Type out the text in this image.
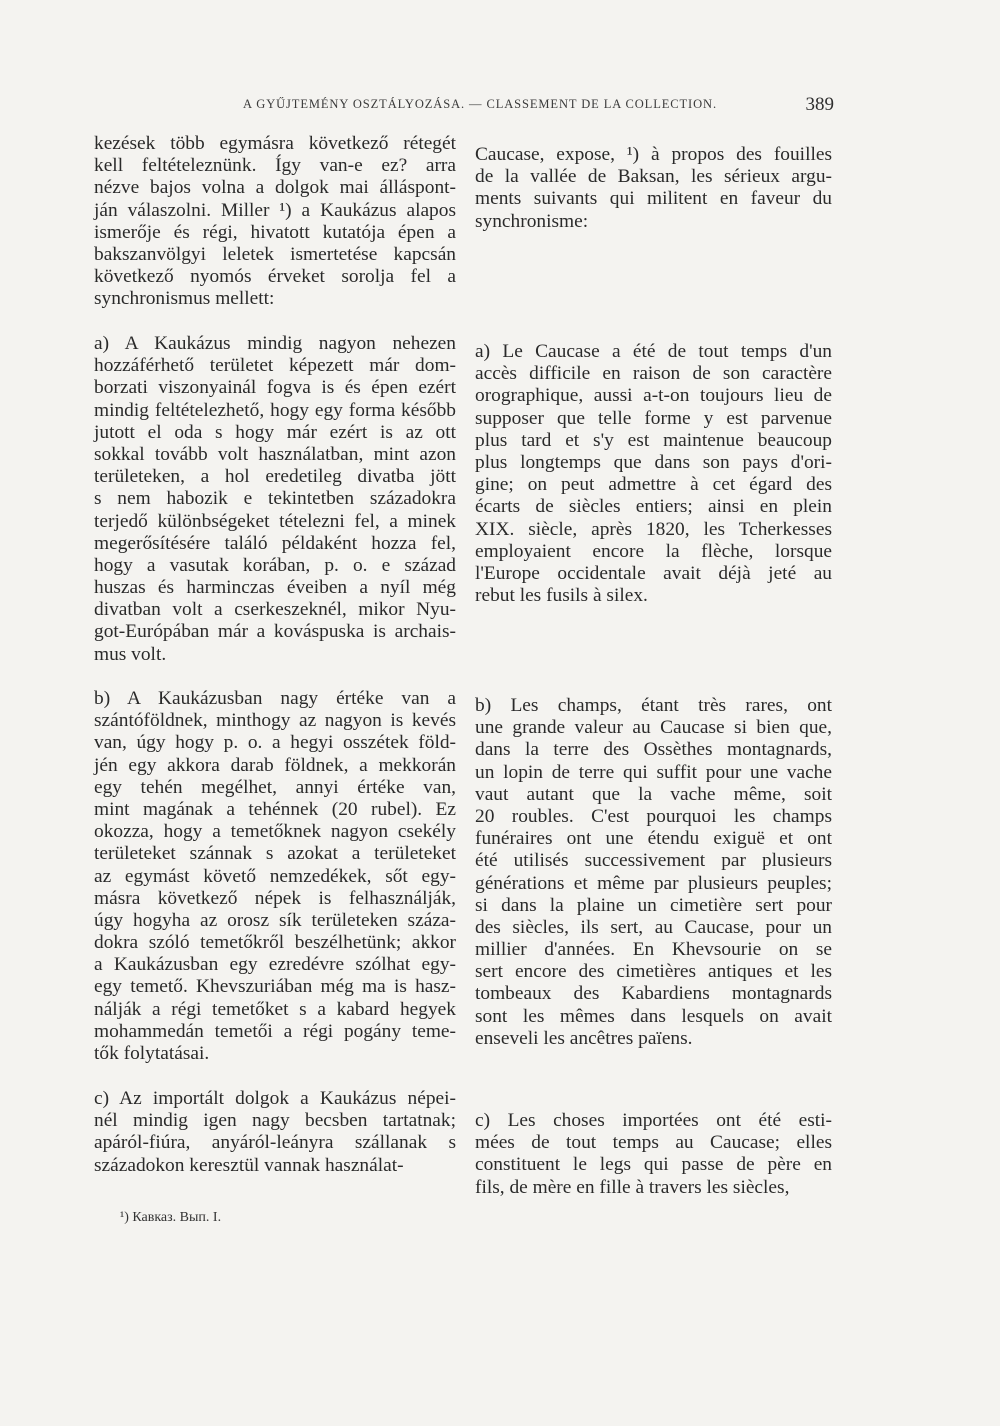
A GYŰJTEMÉNY OSZTÁLYOZÁSA. — CLASSEMENT DE LA COLLECTION.	389
kezések több egymásra következő rétegét
kell feltételeznünk. Így van-e ez? arra
nézve bajos volna a dolgok mai álláspont-
ján válaszolni. Miller ¹) a Kaukázus alapos
ismerője és régi, hivatott kutatója épen a
bakszanvölgyi leletek ismertetése kapcsán
következő nyomós érveket sorolja fel a
synchronismus mellett:
a) A Kaukázus mindig nagyon nehezen
hozzáférhető területet képezett már dom-
borzati viszonyainál fogva is és épen ezért
mindig feltételezhető, hogy egy forma később
jutott el oda s hogy már ezért is az ott
sokkal tovább volt használatban, mint azon
területeken, a hol eredetileg divatba jött
s nem habozik e tekintetben századokra
terjedő különbségeket tételezni fel, a minek
megerősítésére találó példaként hozza fel,
hogy a vasutak korában, p. o. e század
huszas és harminczas éveiben a nyíl még
divatban volt a cserkeszeknél, mikor Nyu-
got-Európában már a kováspuska is archais-
mus volt.
b) A Kaukázusban nagy értéke van a
szántóföldnek, minthogy az nagyon is kevés
van, úgy hogy p. o. a hegyi osszétek föld-
jén egy akkora darab földnek, a mekkorán
egy tehén megélhet, annyi értéke van,
mint magának a tehénnek (20 rubel). Ez
okozza, hogy a temetőknek nagyon csekély
területeket szánnak s azokat a területeket
az egymást követő nemzedékek, sőt egy-
másra következő népek is felhasználják,
úgy hogyha az orosz sík területeken száza-
dokra szóló temetőkről beszélhetünk; akkor
a Kaukázusban egy ezredévre szólhat egy-
egy temető. Khevszuriában még ma is hasz-
nálják a régi temetőket s a kabard hegyek
mohammedán temetői a régi pogány teme-
tők folytatásai.
c) Az importált dolgok a Kaukázus népei-
nél mindig igen nagy becsben tartatnak;
apáról-fiúra, anyáról-leányra szállanak s
századokon keresztül vannak használat-
Caucase, expose, ¹) à propos des fouilles
de la vallée de Baksan, les sérieux argu-
ments suivants qui militent en faveur du
synchronisme:
a) Le Caucase a été de tout temps d'un
accès difficile en raison de son caractère
orographique, aussi a-t-on toujours lieu de
supposer que telle forme y est parvenue
plus tard et s'y est maintenue beaucoup
plus longtemps que dans son pays d'ori-
gine; on peut admettre à cet égard des
écarts de siècles entiers; ainsi en plein
XIX. siècle, après 1820, les Tcherkesses
employaient encore la flèche, lorsque
l'Europe occidentale avait déjà jeté au
rebut les fusils à silex.
b) Les champs, étant très rares, ont
une grande valeur au Caucase si bien que,
dans la terre des Ossèthes montagnards,
un lopin de terre qui suffit pour une vache
vaut autant que la vache même, soit
20 roubles. C'est pourquoi les champs
funéraires ont une étendu exiguë et ont
été utilisés successivement par plusieurs
générations et même par plusieurs peuples;
si dans la plaine un cimetière sert pour
des siècles, ils sert, au Caucase, pour un
millier d'années. En Khevsourie on se
sert encore des cimetières antiques et les
tombeaux des Kabardiens montagnards
sont les mêmes dans lesquels on avait
enseveli les ancêtres païens.
c) Les choses importées ont été esti-
mées de tout temps au Caucase; elles
constituent le legs qui passe de père en
fils, de mère en fille à travers les siècles,
¹) Кавказ. Вып. I.
